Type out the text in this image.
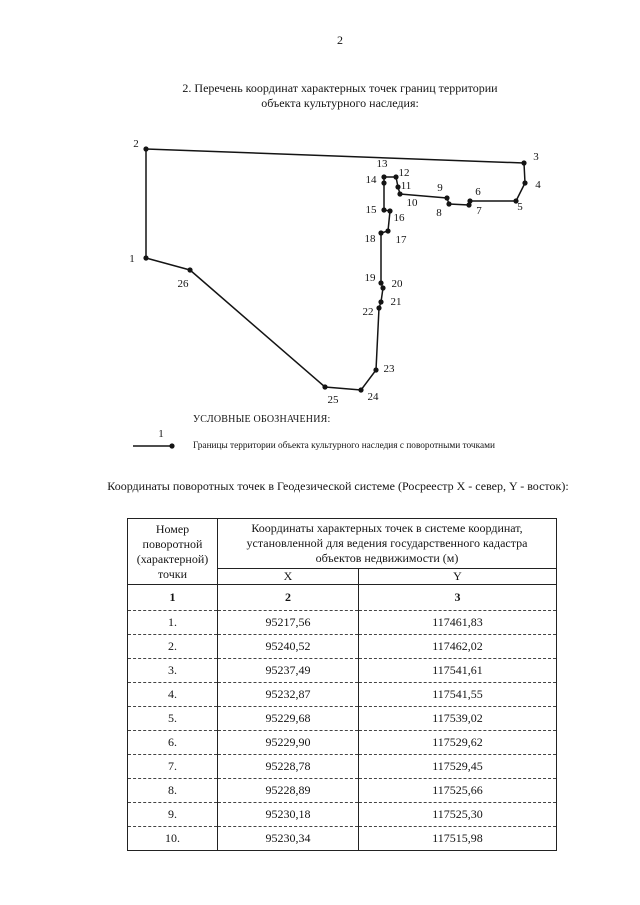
2
2. Перечень координат характерных точек границ территории
объекта культурного наследия:
1
2
3
4
5
6
7
8
9
10
11
12
13
14
15
16
17
18
19 20
21
22
23
24
25
26
1
УСЛОВНЫЕ ОБОЗНАЧЕНИЯ:
Границы территории объекта культурного наследия с поворотными точками
Координаты поворотных точек в Геодезической системе (Росреестр X - север, Y - восток):
Номер
поворотной
(характерной)
точки	Координаты характерных точек в системе координат,
установленной для ведения государственного кадастра
объектов недвижимости (м)	

	X	Y
1	2	3
1.	95217,56	117461,83
2.	95240,52	117462,02
3.	95237,49	117541,61
4.	95232,87	117541,55
5.	95229,68	117539,02
6.	95229,90	117529,62
7.	95228,78	117529,45
8.	95228,89	117525,66
9.	95230,18	117525,30
10.	95230,34	117515,98
